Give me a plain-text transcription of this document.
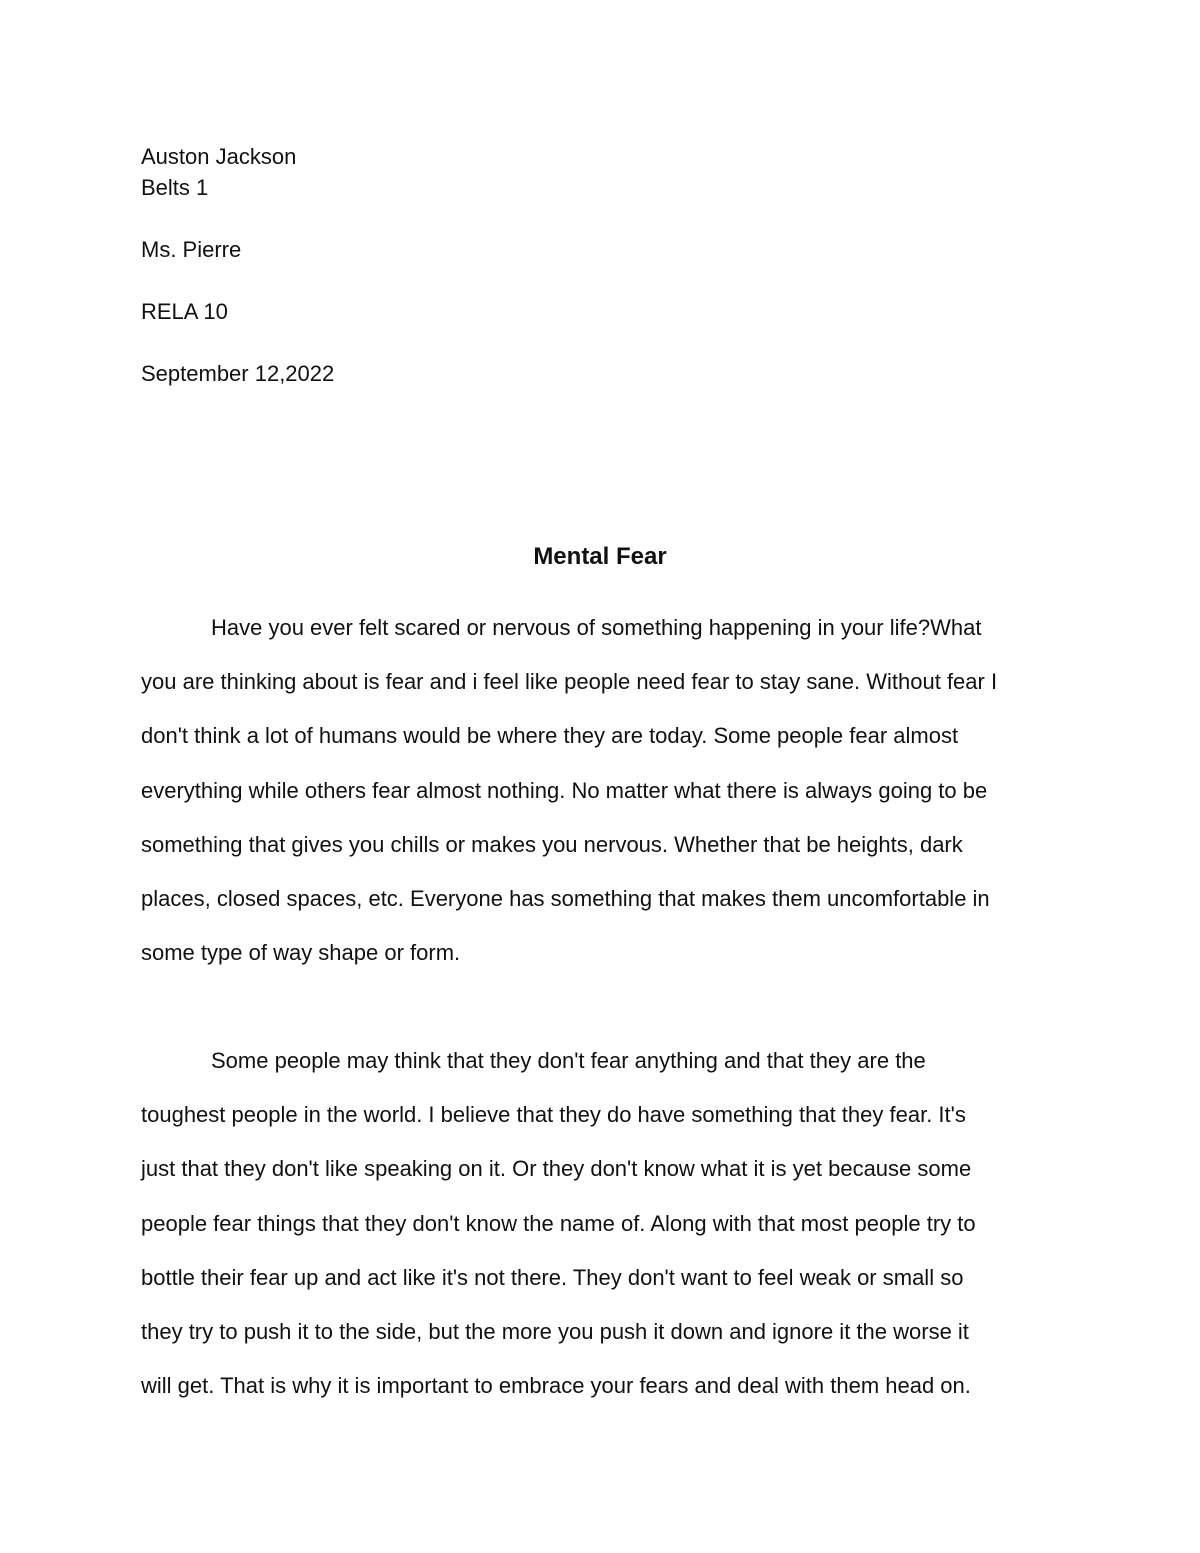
Auston Jackson
Belts 1
Ms. Pierre
RELA 10
September 12,2022
Mental Fear
Have you ever felt scared or nervous of something happening in your life?What
you are thinking about is fear and i feel like people need fear to stay sane. Without fear I
don't think a lot of humans would be where they are today. Some people fear almost
everything while others fear almost nothing. No matter what there is always going to be
something that gives you chills or makes you nervous. Whether that be heights, dark
places, closed spaces, etc. Everyone has something that makes them uncomfortable in
some type of way shape or form.
Some people may think that they don't fear anything and that they are the
toughest people in the world. I believe that they do have something that they fear. It's
just that they don't like speaking on it. Or they don't know what it is yet because some
people fear things that they don't know the name of. Along with that most people try to
bottle their fear up and act like it's not there. They don't want to feel weak or small so
they try to push it to the side, but the more you push it down and ignore it the worse it
will get. That is why it is important to embrace your fears and deal with them head on.
